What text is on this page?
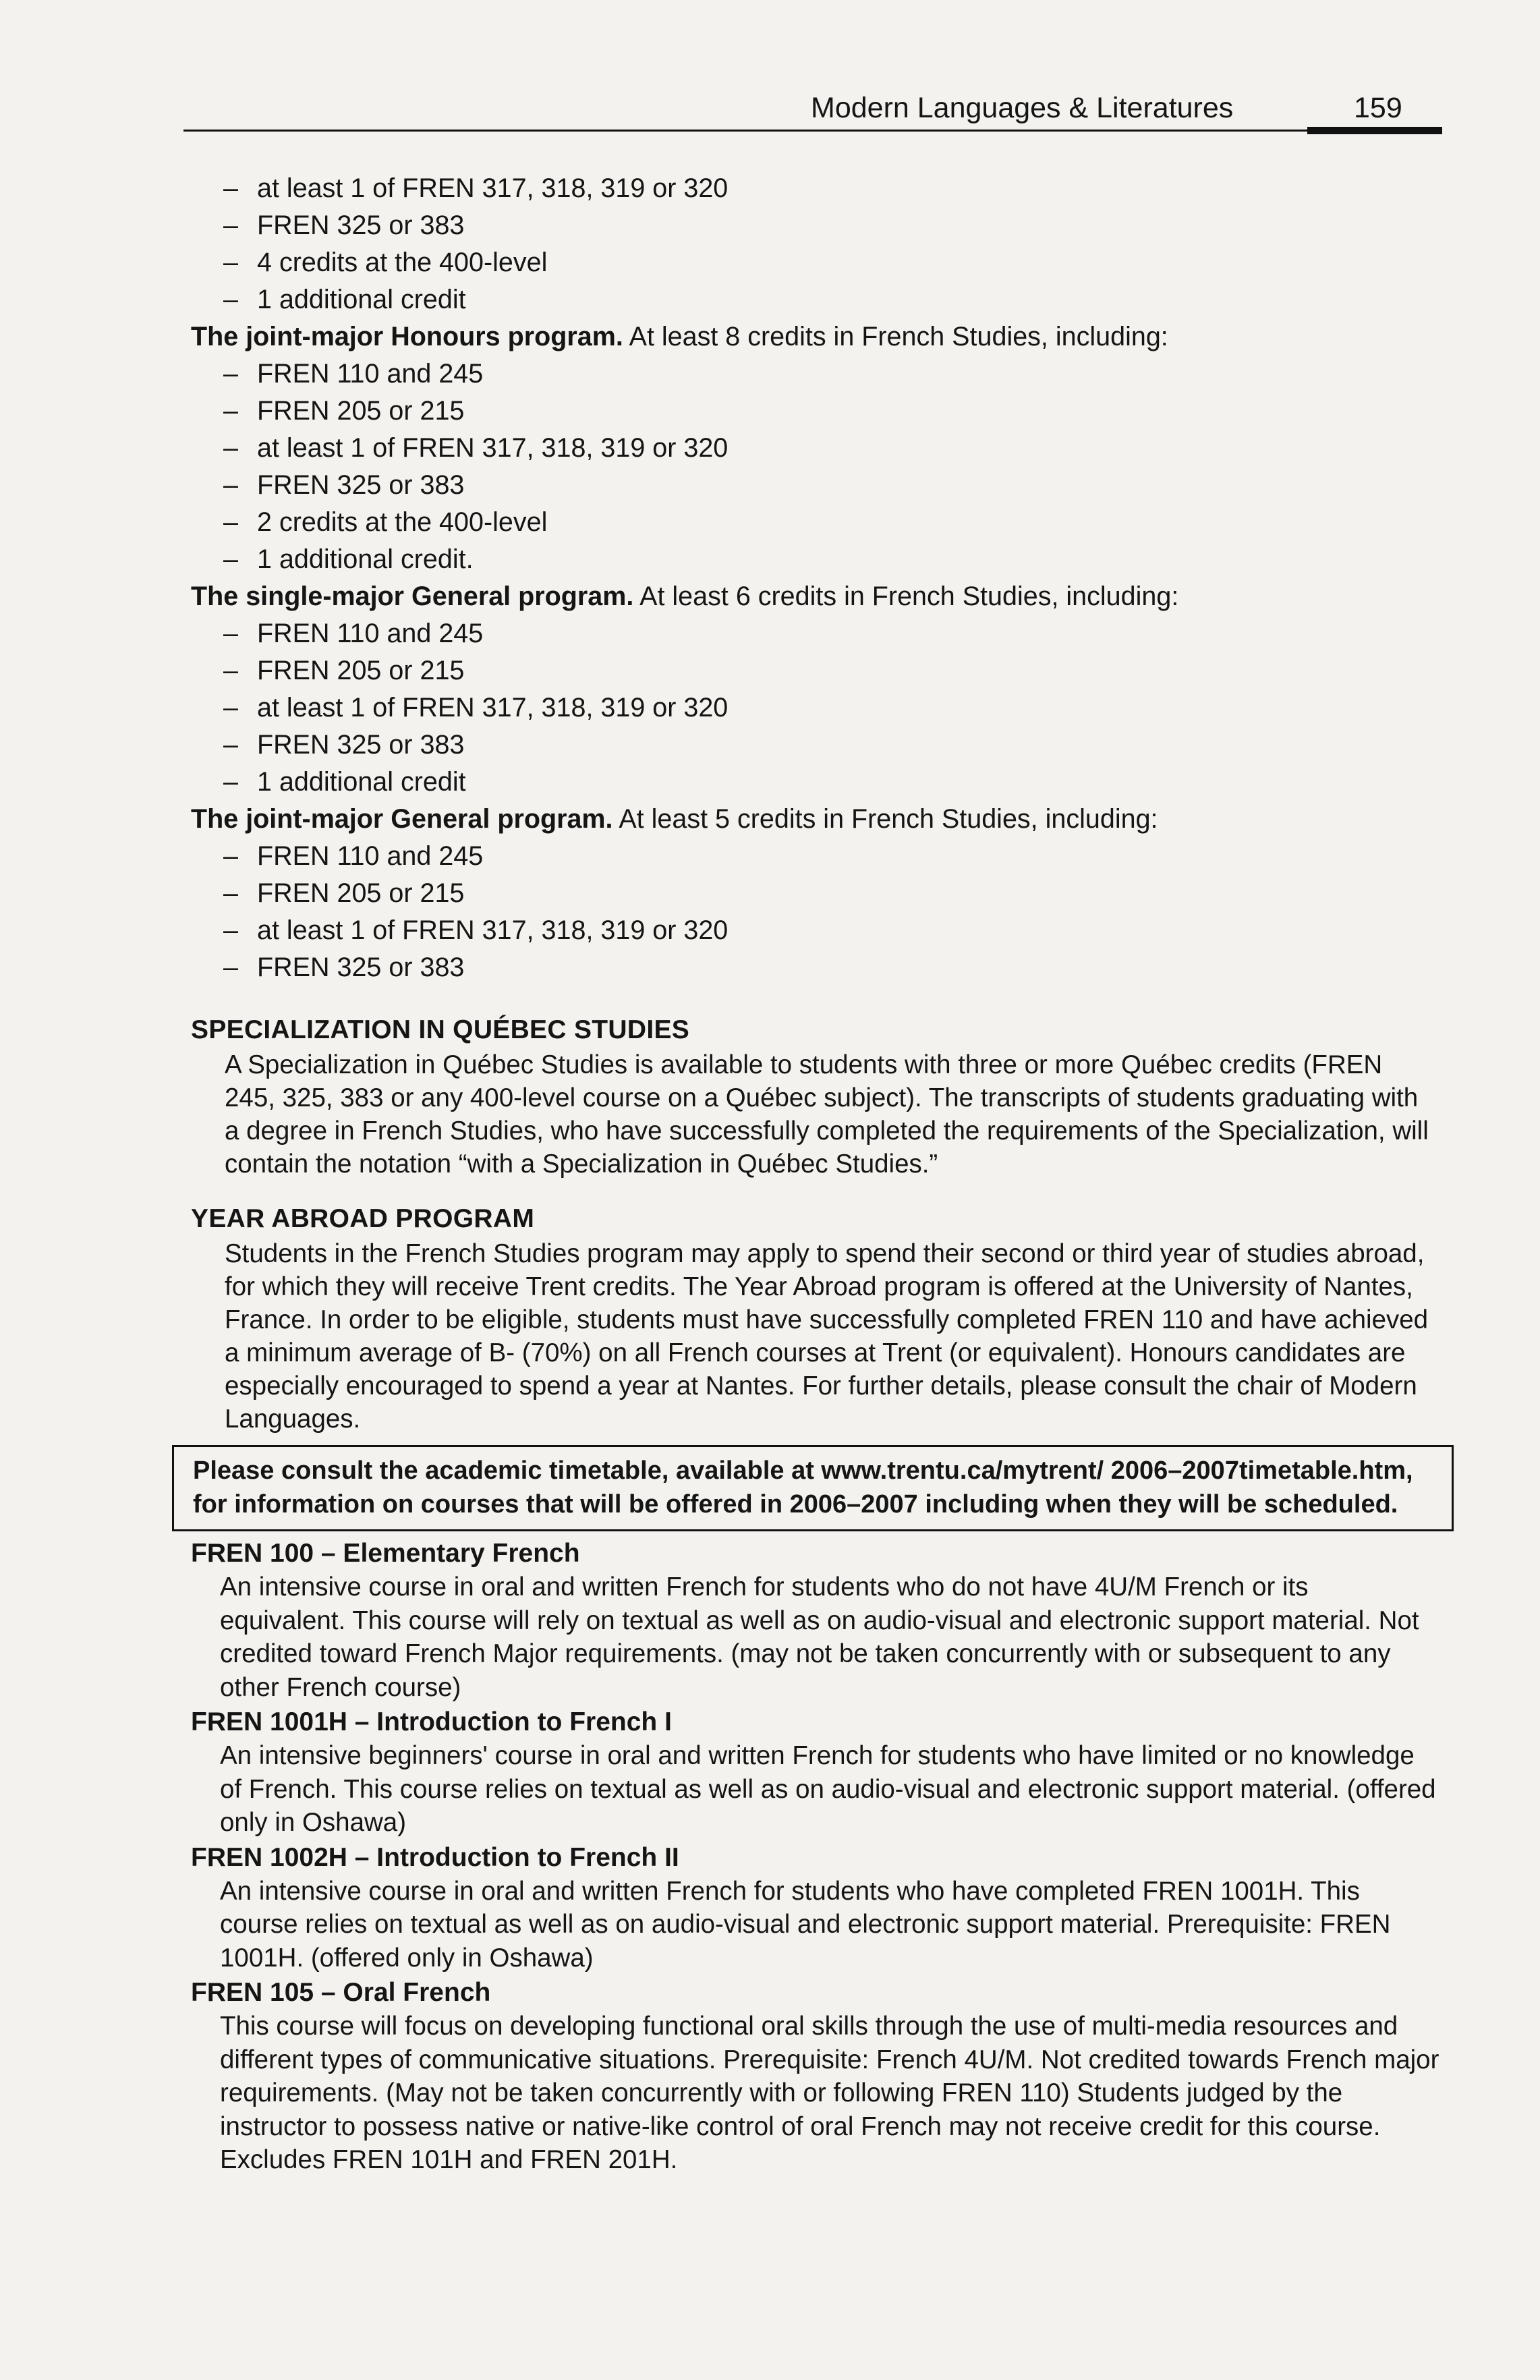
Modern Languages & Literatures	159
– at least 1 of FREN 317, 318, 319 or 320
– FREN 325 or 383
– 4 credits at the 400-level
– 1 additional credit
The joint-major Honours program. At least 8 credits in French Studies, including:
– FREN 110 and 245
– FREN 205 or 215
– at least 1 of FREN 317, 318, 319 or 320
– FREN 325 or 383
– 2 credits at the 400-level
– 1 additional credit.
The single-major General program. At least 6 credits in French Studies, including:
– FREN 110 and 245
– FREN 205 or 215
– at least 1 of FREN 317, 318, 319 or 320
– FREN 325 or 383
– 1 additional credit
The joint-major General program. At least 5 credits in French Studies, including:
– FREN 110 and 245
– FREN 205 or 215
– at least 1 of FREN 317, 318, 319 or 320
– FREN 325 or 383
SPECIALIZATION IN QUÉBEC STUDIES
A Specialization in Québec Studies is available to students with three or more Québec credits (FREN 245, 325, 383 or any 400-level course on a Québec subject). The transcripts of students graduating with a degree in French Studies, who have successfully completed the requirements of the Specialization, will contain the notation “with a Specialization in Québec Studies.”
YEAR ABROAD PROGRAM
Students in the French Studies program may apply to spend their second or third year of studies abroad, for which they will receive Trent credits. The Year Abroad program is offered at the University of Nantes, France. In order to be eligible, students must have successfully completed FREN 110 and have achieved a minimum average of B- (70%) on all French courses at Trent (or equivalent). Honours candidates are especially encouraged to spend a year at Nantes. For further details, please consult the chair of Modern Languages.
Please consult the academic timetable, available at www.trentu.ca/mytrent/ 2006–2007timetable.htm, for information on courses that will be offered in 2006–2007 including when they will be scheduled.
FREN 100 – Elementary French
An intensive course in oral and written French for students who do not have 4U/M French or its equivalent. This course will rely on textual as well as on audio-visual and electronic support material. Not credited toward French Major requirements. (may not be taken concurrently with or subsequent to any other French course)
FREN 1001H – Introduction to French I
An intensive beginners' course in oral and written French for students who have limited or no knowledge of French. This course relies on textual as well as on audio-visual and electronic support material. (offered only in Oshawa)
FREN 1002H – Introduction to French II
An intensive course in oral and written French for students who have completed FREN 1001H. This course relies on textual as well as on audio-visual and electronic support material. Prerequisite: FREN 1001H. (offered only in Oshawa)
FREN 105 – Oral French
This course will focus on developing functional oral skills through the use of multi-media resources and different types of communicative situations. Prerequisite: French 4U/M. Not credited towards French major requirements. (May not be taken concurrently with or following FREN 110) Students judged by the instructor to possess native or native-like control of oral French may not receive credit for this course. Excludes FREN 101H and FREN 201H.
